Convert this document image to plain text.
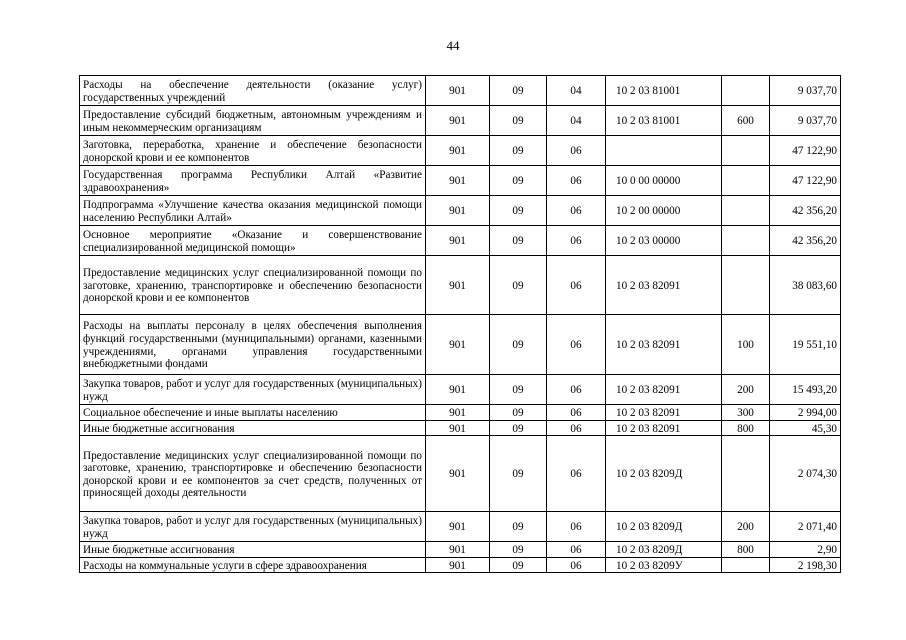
44
Расходы на обеспечение деятельности (оказание услуг) государственных учреждений	901	09	04	10 2 03 81001		9 037,70
Предоставление субсидий бюджетным, автономным учреждениям и иным некоммерческим организациям	901	09	04	10 2 03 81001	600	9 037,70
Заготовка, переработка, хранение и обеспечение безопасности донорской крови и ее компонентов	901	09	06			47 122,90
Государственная программа Республики Алтай «Развитие здравоохранения»	901	09	06	10 0 00 00000		47 122,90
Подпрограмма «Улучшение качества оказания медицинской помощи населению Республики Алтай»	901	09	06	10 2 00 00000		42 356,20
Основное мероприятие «Оказание и совершенствование специализированной медицинской помощи»	901	09	06	10 2 03 00000		42 356,20
Предоставление медицинских услуг специализированной помощи по заготовке, хранению, транспортировке и обеспечению безопасности донорской крови и ее компонентов	901	09	06	10 2 03 82091		38 083,60
Расходы на выплаты персоналу в целях обеспечения выполнения функций государственными (муниципальными) органами, казенными учреждениями, органами управления государственными внебюджетными фондами	901	09	06	10 2 03 82091	100	19 551,10
Закупка товаров, работ и услуг для государственных (муниципальных) нужд	901	09	06	10 2 03 82091	200	15 493,20
Социальное обеспечение и иные выплаты населению	901	09	06	10 2 03 82091	300	2 994,00
Иные бюджетные ассигнования	901	09	06	10 2 03 82091	800	45,30
Предоставление медицинских услуг специализированной помощи по заготовке, хранению, транспортировке и обеспечению безопасности донорской крови и ее компонентов за счет средств, полученных от приносящей доходы деятельности	901	09	06	10 2 03 8209Д		2 074,30
Закупка товаров, работ и услуг для государственных (муниципальных) нужд	901	09	06	10 2 03 8209Д	200	2 071,40
Иные бюджетные ассигнования	901	09	06	10 2 03 8209Д	800	2,90
Расходы на коммунальные услуги в сфере здравоохранения	901	09	06	10 2 03 8209У		2 198,30
